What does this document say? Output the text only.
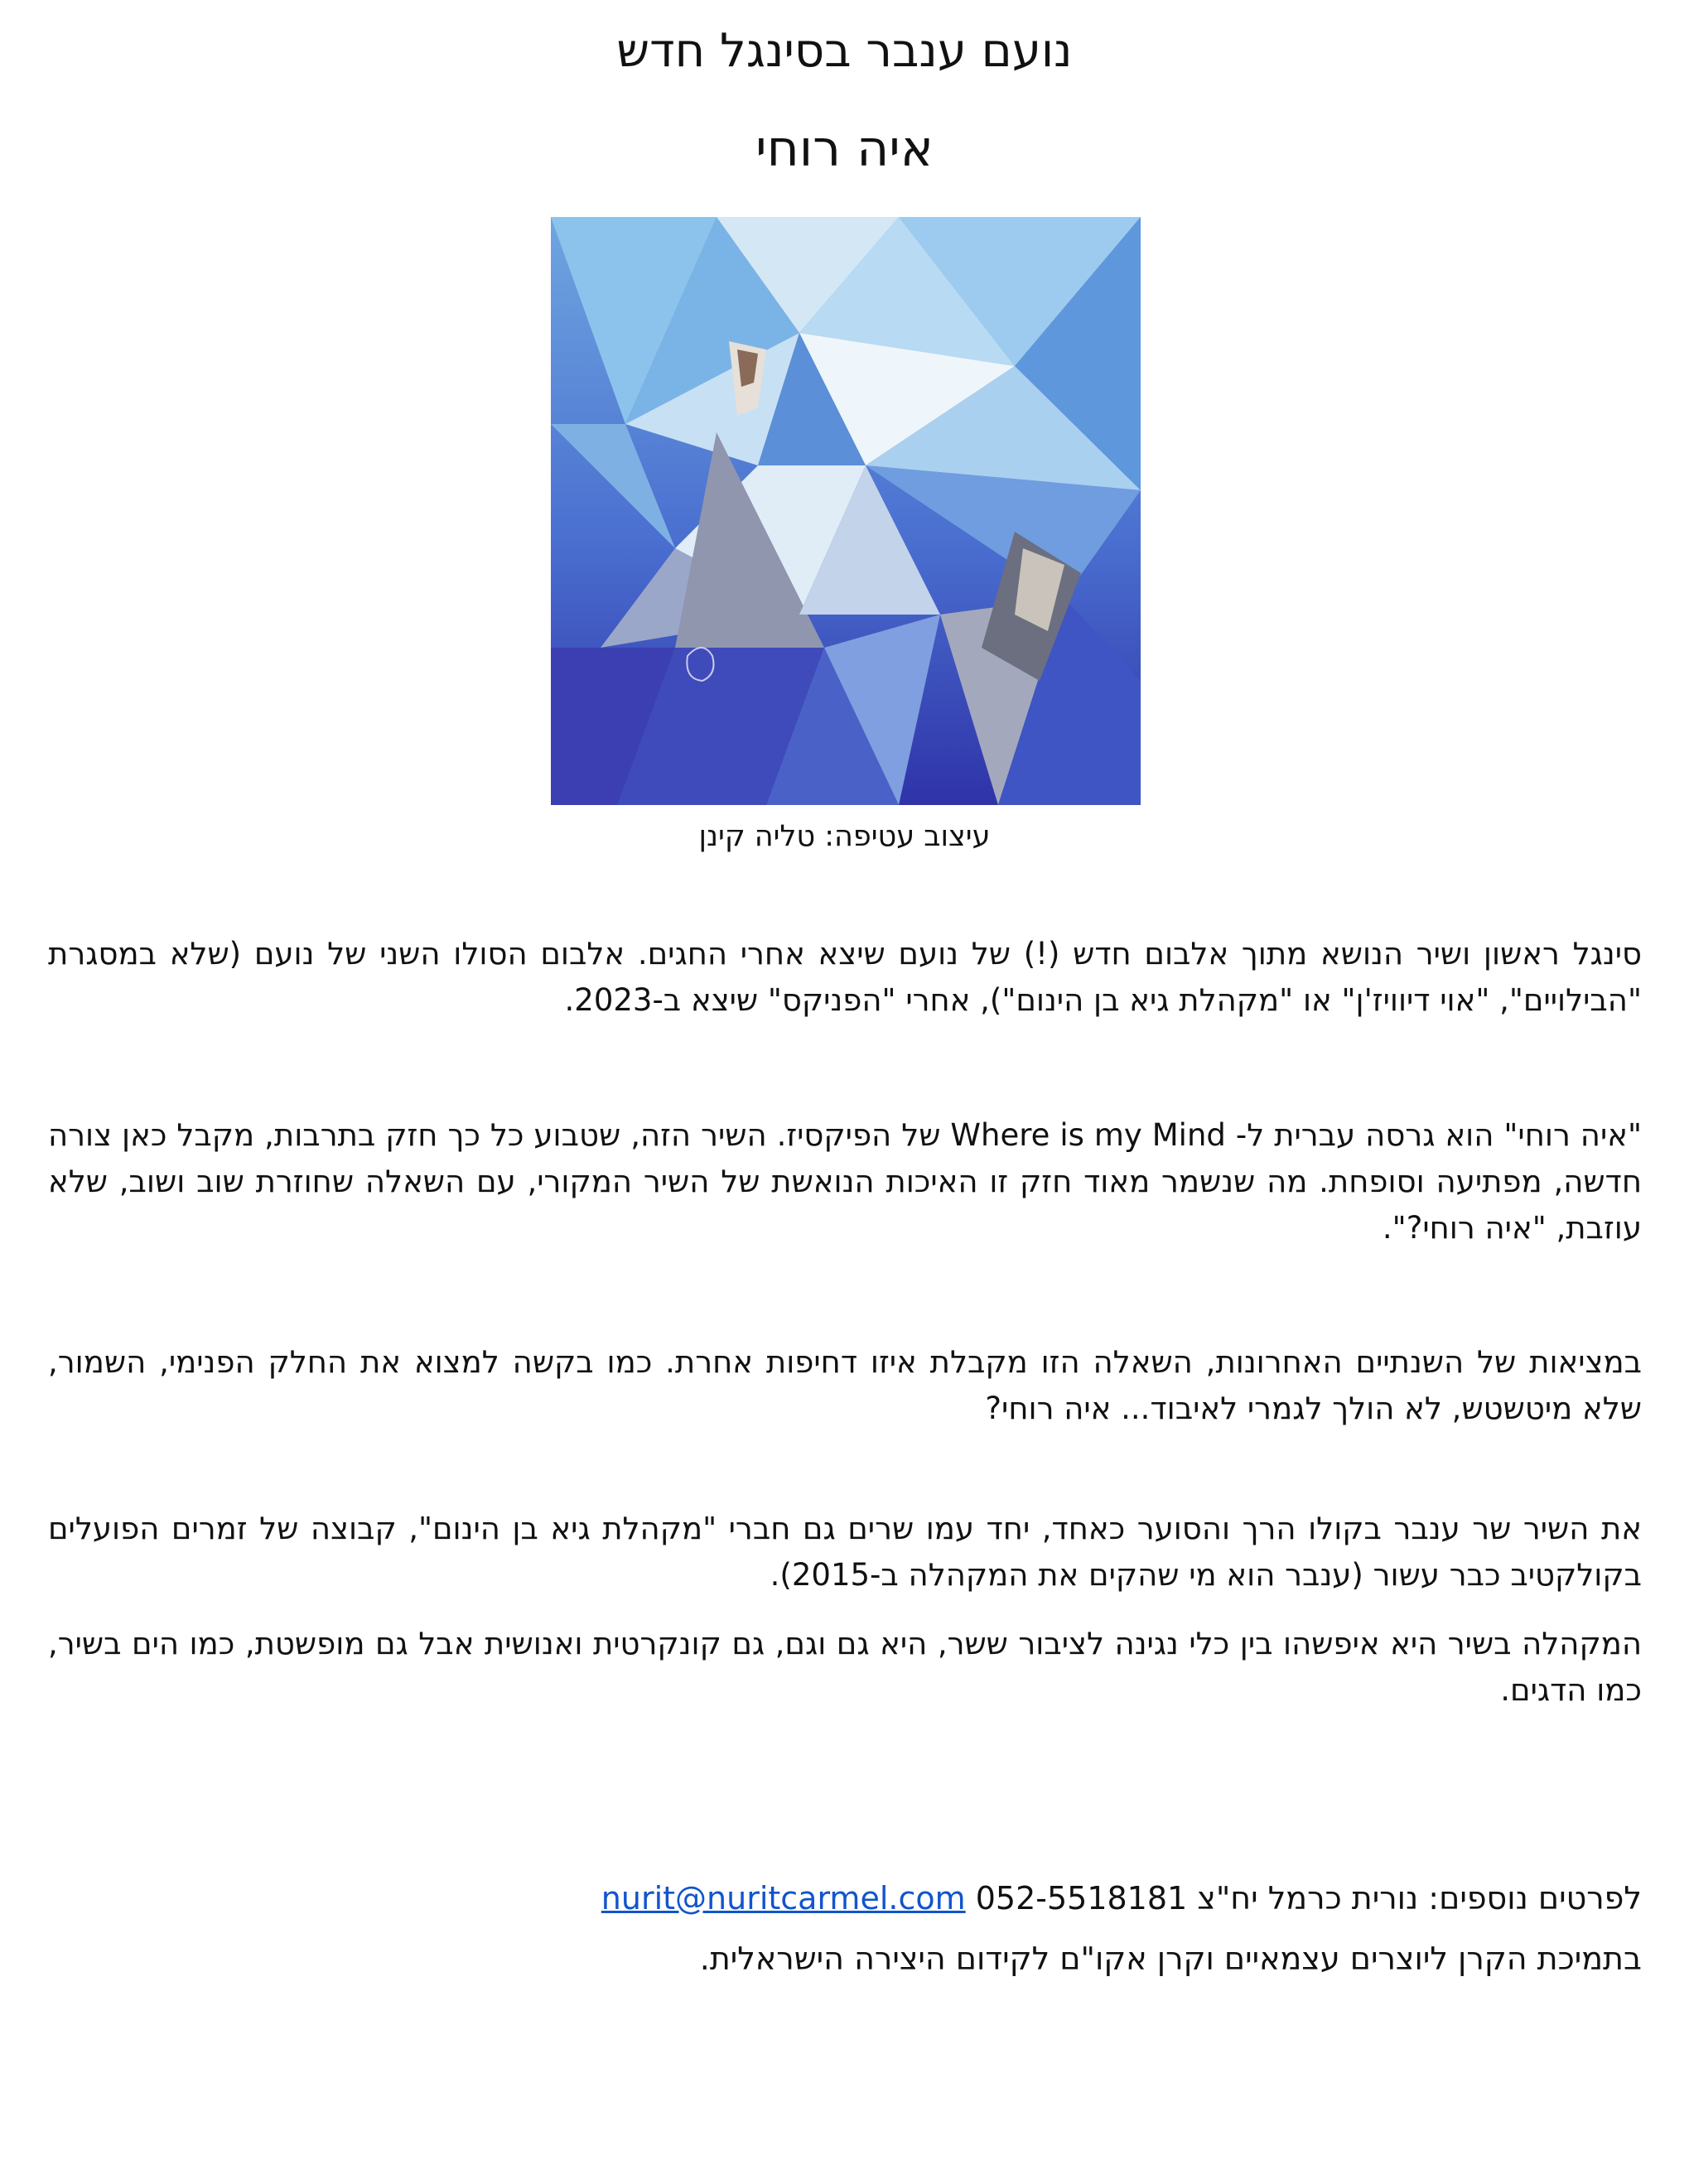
נועם ענבר בסינגל חדש
איה רוחי
עיצוב עטיפה: טליה קינן

סינגל ראשון ושיר הנושא מתוך אלבום חדש (!) של נועם שיצא אחרי החגים. אלבום הסולו השני של נועם (שלא במסגרת "הבילויים", "אוי דיוויז'ן" או "מקהלת גיא בן הינום"), אחרי "הפניקס" שיצא ב-2023.

"איה רוחי" הוא גרסה עברית ל- Where is my Mind של הפיקסיז. השיר הזה, שטבוע כל כך חזק בתרבות, מקבל כאן צורה חדשה, מפתיעה וסופחת. מה שנשמר מאוד חזק זו האיכות הנואשת של השיר המקורי, עם השאלה שחוזרת שוב ושוב, שלא עוזבת, "איה רוחי?".

במציאות של השנתיים האחרונות, השאלה הזו מקבלת איזו דחיפות אחרת. כמו בקשה למצוא את החלק הפנימי, השמור, שלא מיטשטש, לא הולך לגמרי לאיבוד... איה רוחי?

את השיר שר ענבר בקולו הרך והסוער כאחד, יחד עמו שרים גם חברי "מקהלת גיא בן הינום", קבוצה של זמרים הפועלים בקולקטיב כבר עשור (ענבר הוא מי שהקים את המקהלה ב-2015).

המקהלה בשיר היא איפשהו בין כלי נגינה לציבור ששר, היא גם וגם, גם קונקרטית ואנושית אבל גם מופשטת, כמו הים בשיר, כמו הדגים.

לפרטים נוספים: נורית כרמל יח"צ 052-5518181 nurit@nuritcarmel.com

בתמיכת הקרן ליוצרים עצמאיים וקרן אקו"ם לקידום היצירה הישראלית.
